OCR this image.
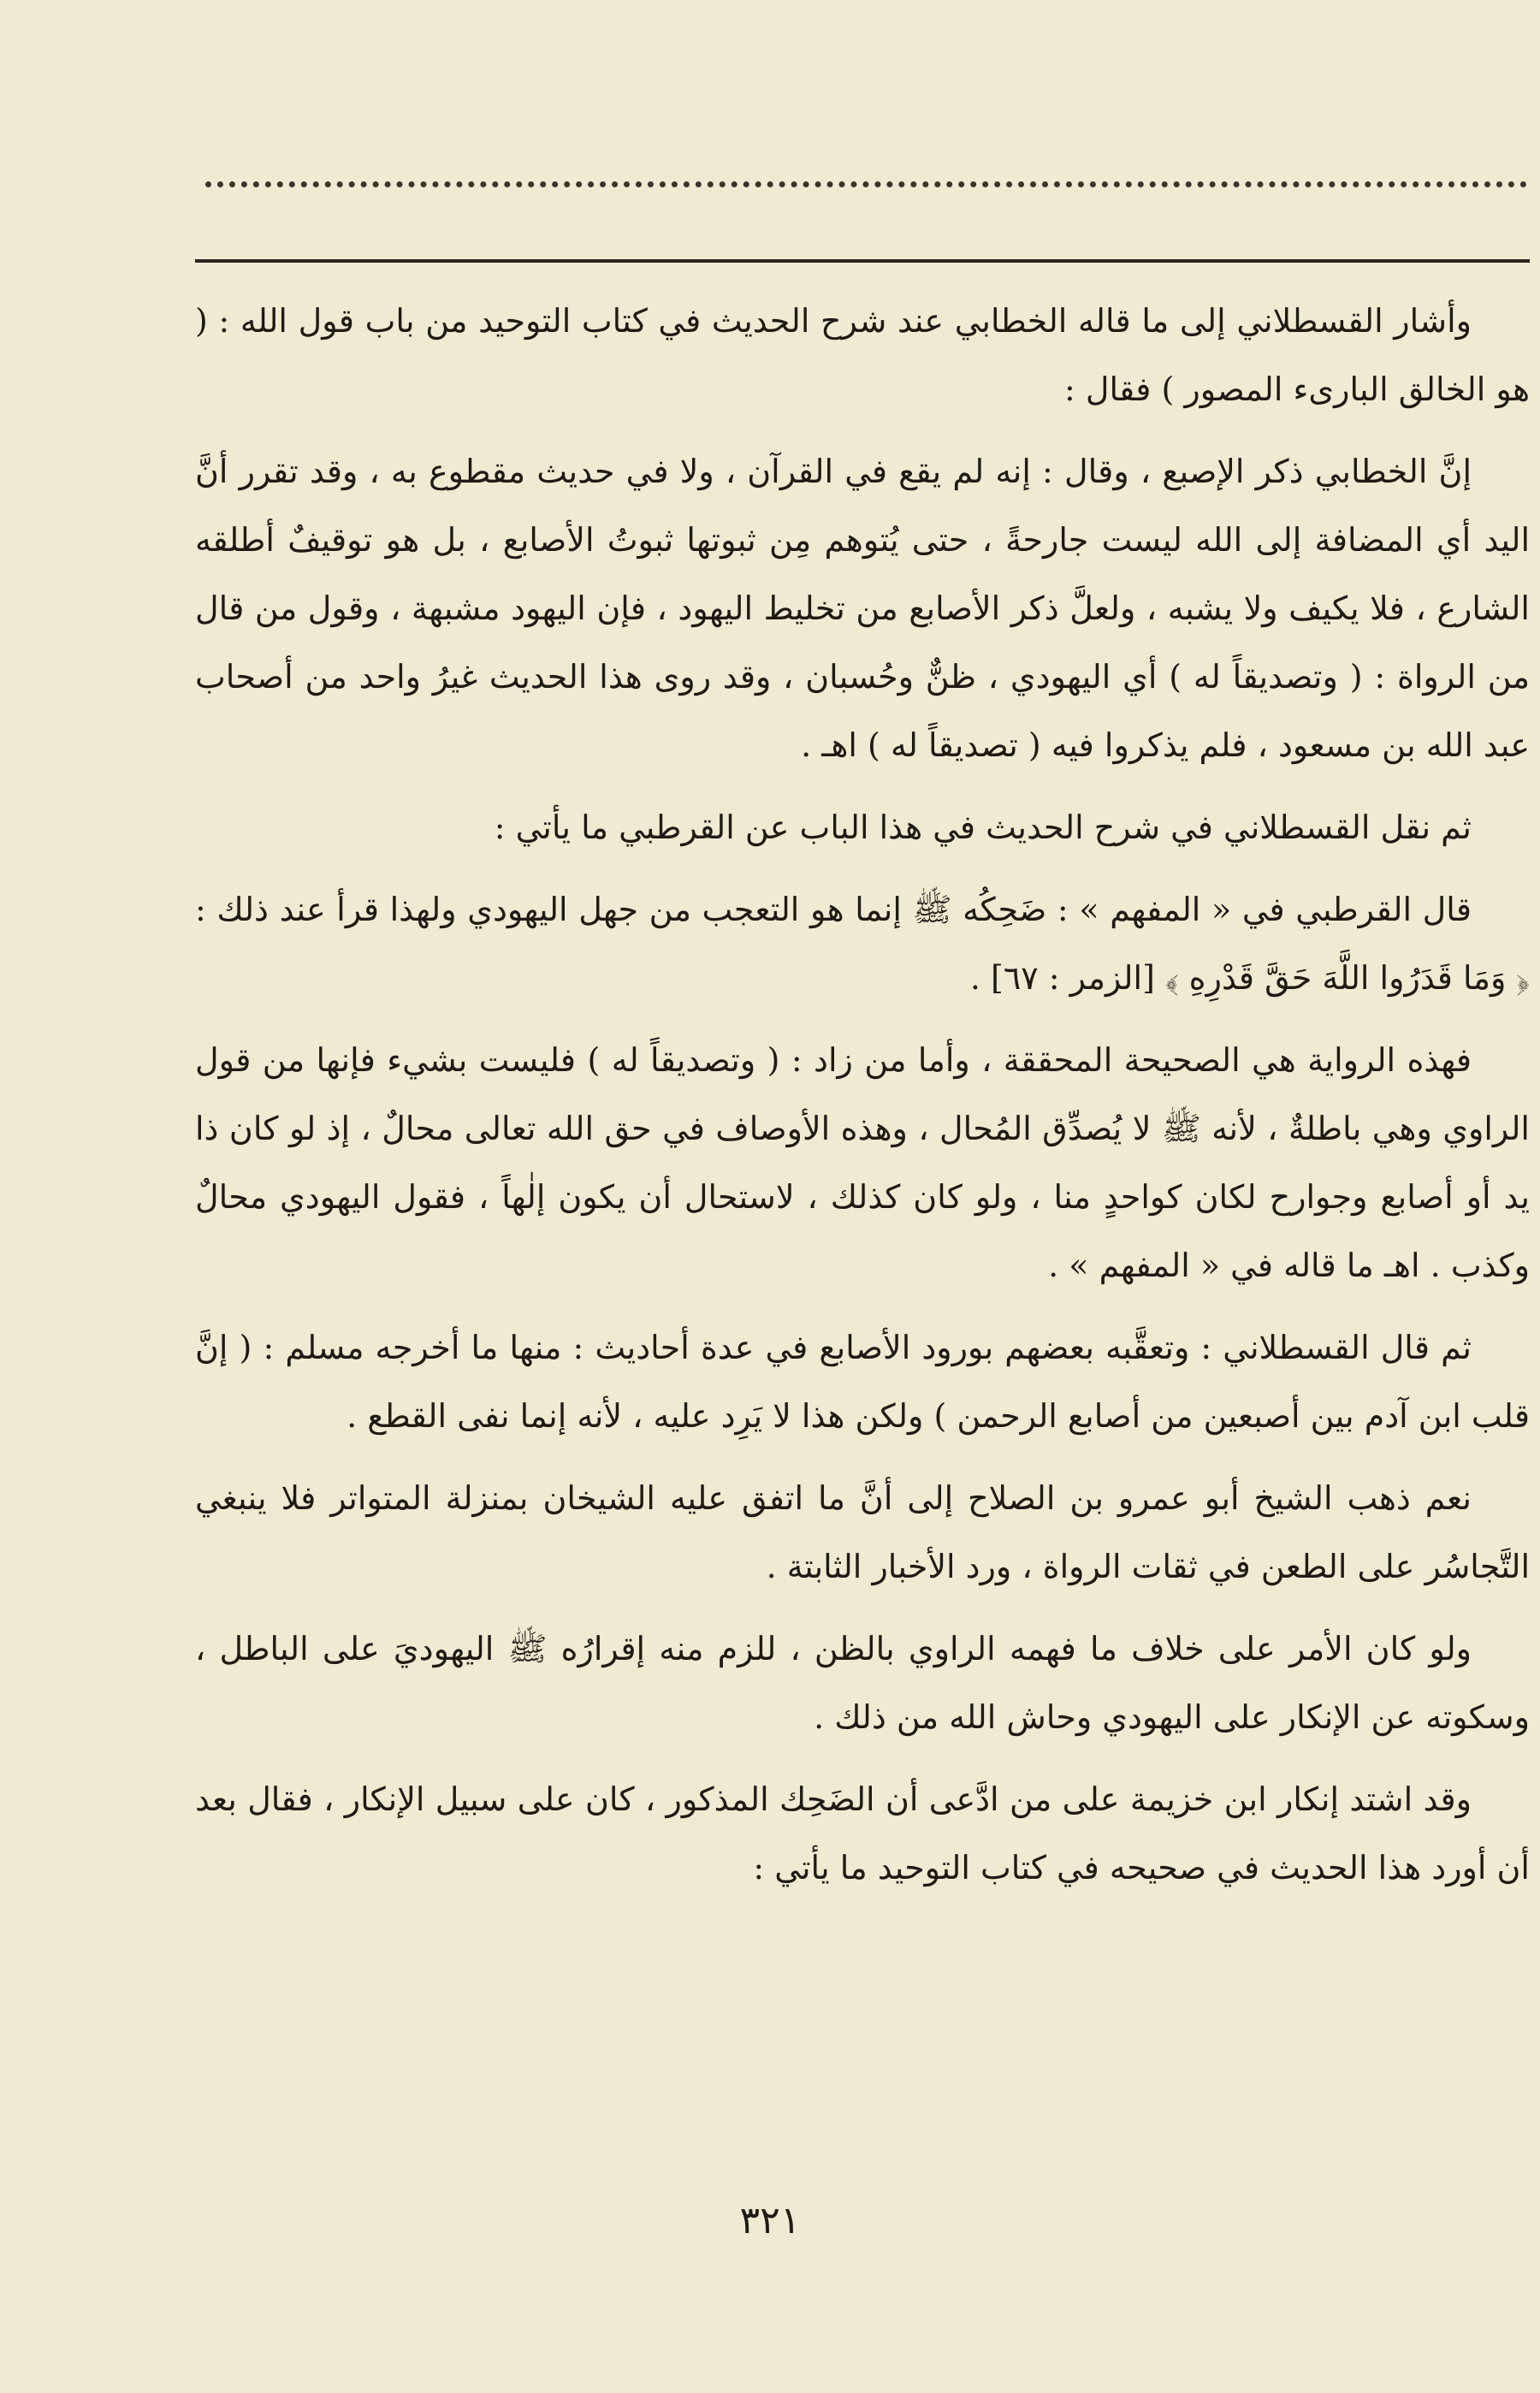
وأشار القسطلاني إلى ما قاله الخطابي عند شرح الحديث في كتاب التوحيد من باب قول الله : ( هو الخالق البارىء المصور ) فقال :

إنَّ الخطابي ذكر الإصبع ، وقال : إنه لم يقع في القرآن ، ولا في حديث مقطوع به ، وقد تقرر أنَّ اليد أي المضافة إلى الله ليست جارحةً ، حتى يُتوهم مِن ثبوتها ثبوتُ الأصابع ، بل هو توقيفٌ أطلقه الشارع ، فلا يكيف ولا يشبه ، ولعلَّ ذكر الأصابع من تخليط اليهود ، فإن اليهود مشبهة ، وقول من قال من الرواة : ( وتصديقاً له ) أي اليهودي ، ظنٌّ وحُسبان ، وقد روى هذا الحديث غيرُ واحد من أصحاب عبد الله بن مسعود ، فلم يذكروا فيه ( تصديقاً له ) اهـ .

ثم نقل القسطلاني في شرح الحديث في هذا الباب عن القرطبي ما يأتي :

قال القرطبي في « المفهم » : ضَحِكُه ﷺ إنما هو التعجب من جهل اليهودي ولهذا قرأ عند ذلك : ﴿ وَمَا قَدَرُوا اللَّهَ حَقَّ قَدْرِهِ ﴾ [الزمر : ٦٧] .

فهذه الرواية هي الصحيحة المحققة ، وأما من زاد : ( وتصديقاً له ) فليست بشيء فإنها من قول الراوي وهي باطلةٌ ، لأنه ﷺ لا يُصدِّق المُحال ، وهذه الأوصاف في حق الله تعالى محالٌ ، إذ لو كان ذا يد أو أصابع وجوارح لكان كواحدٍ منا ، ولو كان كذلك ، لاستحال أن يكون إلٰهاً ، فقول اليهودي محالٌ وكذب . اهـ ما قاله في « المفهم » .

ثم قال القسطلاني : وتعقَّبه بعضهم بورود الأصابع في عدة أحاديث : منها ما أخرجه مسلم : ( إنَّ قلب ابن آدم بين أصبعين من أصابع الرحمن ) ولكن هذا لا يَرِد عليه ، لأنه إنما نفى القطع .

نعم ذهب الشيخ أبو عمرو بن الصلاح إلى أنَّ ما اتفق عليه الشيخان بمنزلة المتواتر فلا ينبغي التَّجاسُر على الطعن في ثقات الرواة ، ورد الأخبار الثابتة .

ولو كان الأمر على خلاف ما فهمه الراوي بالظن ، للزم منه إقرارُه ﷺ اليهوديَ على الباطل ، وسكوته عن الإنكار على اليهودي وحاش الله من ذلك .

وقد اشتد إنكار ابن خزيمة على من ادَّعى أن الضَحِك المذكور ، كان على سبيل الإنكار ، فقال بعد أن أورد هذا الحديث في صحيحه في كتاب التوحيد ما يأتي :

٣٢١
